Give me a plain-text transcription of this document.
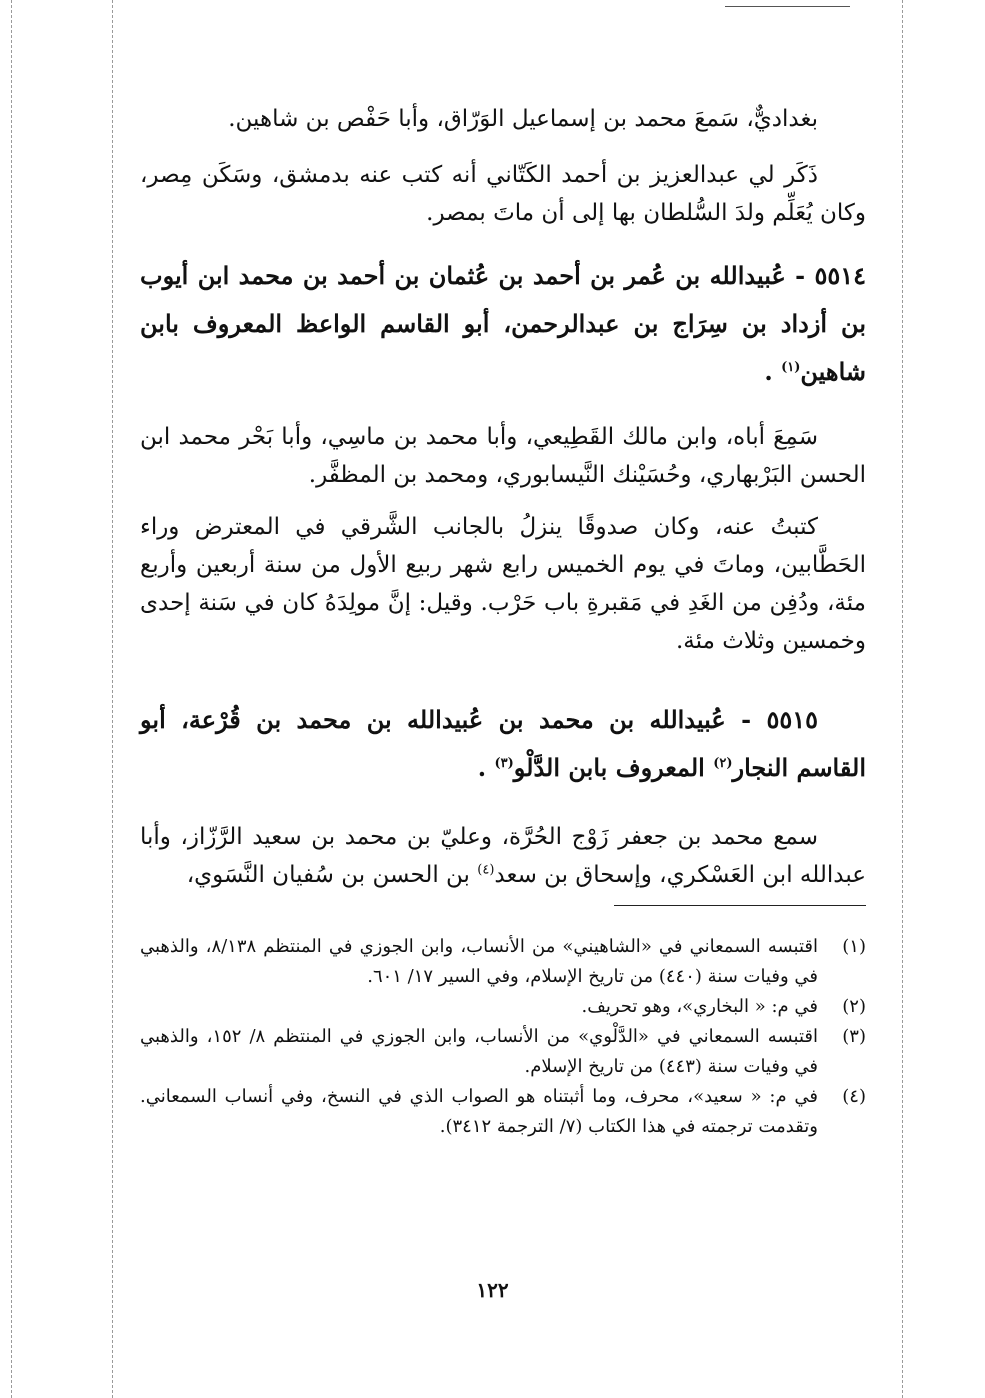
بغداديٌّ، سَمعَ محمد بن إسماعيل الوَرّاق، وأبا حَفْص بن شاهين.

ذَكَر لي عبدالعزيز بن أحمد الكَتّاني أنه كتب عنه بدمشق، وسَكَن مِصر، وكان يُعَلِّم ولدَ السُّلطان بها إلى أن ماتَ بمصر.

٥٥١٤ - عُبيدالله بن عُمر بن أحمد بن عُثمان بن أحمد بن محمد ابن أيوب بن أزداد بن سِرَاج بن عبدالرحمن، أبو القاسم الواعظ المعروف بابن شاهين$^{(١)}$ .

سَمِعَ أباه، وابن مالك القَطِيعي، وأبا محمد بن ماسِي، وأبا بَحْر محمد ابن الحسن البَرْبهاري، وحُسَيْنك النَّيسابوري، ومحمد بن المظفَّر.

كتبتُ عنه، وكان صدوقًا ينزلُ بالجانب الشَّرقي في المعترض وراء الحَطَّابين، وماتَ في يوم الخميس رابع شهر ربيع الأول من سنة أربعين وأربع مئة، ودُفِن من الغَدِ في مَقبرةِ باب حَرْب. وقيل: إنَّ مولِدَهُ كان في سَنة إحدى وخمسين وثلاث مئة.

٥٥١٥ - عُبيدالله بن محمد بن عُبيدالله بن محمد بن قُرْعة، أبو القاسم النجار$^{(٢)}$ المعروف بابن الدَّلْو$^{(٣)}$ .

سمع محمد بن جعفر زَوْج الحُرَّة، وعليّ بن محمد بن سعيد الرَّزّاز، وأبا عبدالله ابن العَسْكري، وإسحاق بن سعد$^{(٤)}$ بن الحسن بن سُفيان النَّسَوي،

(١)
اقتبسه السمعاني في «الشاهيني» من الأنساب، وابن الجوزي في المنتظم ٨/١٣٨، والذهبي في وفيات سنة (٤٤٠) من تاريخ الإسلام، وفي السير ١٧/ ٦٠١.
(٢)
في م: « البخاري»، وهو تحريف.
(٣)
اقتبسه السمعاني في «الدَّلْوي» من الأنساب، وابن الجوزي في المنتظم ٨/ ١٥٢، والذهبي في وفيات سنة (٤٤٣) من تاريخ الإسلام.
(٤)
في م: « سعيد»، محرف، وما أثبتناه هو الصواب الذي في النسخ، وفي أنساب السمعاني. وتقدمت ترجمته في هذا الكتاب (٧/ الترجمة ٣٤١٢).
١٢٢
